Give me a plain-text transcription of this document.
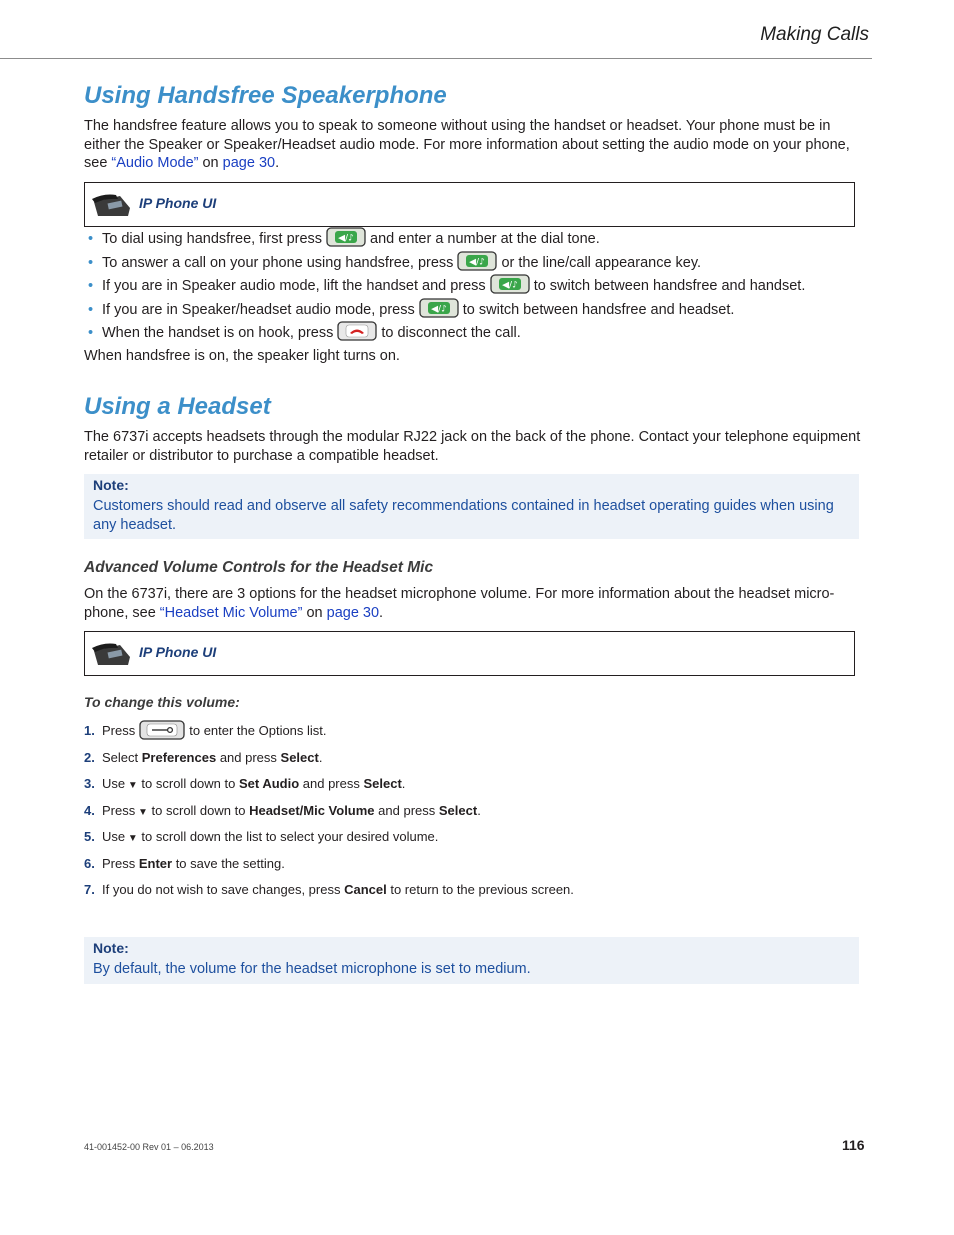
Making Calls
Using Handsfree Speakerphone

The handsfree feature allows you to speak to someone without using the handset or headset. Your phone must be in either the Speaker or Speaker/Headset audio mode. For more information about setting the audio mode on your phone, see “Audio Mode” on page 30.

IP Phone UI
• To dial using handsfree, first press ◀/♪ and enter a number at the dial tone.
• To answer a call on your phone using handsfree, press ◀/♪ or the line/call appearance key.
• If you are in Speaker audio mode, lift the handset and press ◀/♪ to switch between handsfree and handset.
• If you are in Speaker/headset audio mode, press ◀/♪ to switch between handsfree and headset.
• When the handset is on hook, press	to disconnect the call.

When handsfree is on, the speaker light turns on.

Using a Headset

The 6737i accepts headsets through the modular RJ22 jack on the back of the phone. Contact your telephone equipment retailer or distributor to purchase a compatible headset.

Note:
Customers should read and observe all safety recommendations contained in headset operating guides when using any headset.
Advanced Volume Controls for the Headset Mic

On the 6737i, there are 3 options for the headset microphone volume. For more information about the headset micro-phone, see “Headset Mic Volume” on page 30.

IP Phone UI
To change this volume:
1. Press	to enter the Options list.
2. Select Preferences and press Select.
3. Use ▼ to scroll down to Set Audio and press Select.
4. Press ▼ to scroll down to Headset/Mic Volume and press Select.
5. Use ▼ to scroll down the list to select your desired volume.
6. Press Enter to save the setting.
7. If you do not wish to save changes, press Cancel to return to the previous screen.
Note:
By default, the volume for the headset microphone is set to medium.
41-001452-00 Rev 01 – 06.2013	116
